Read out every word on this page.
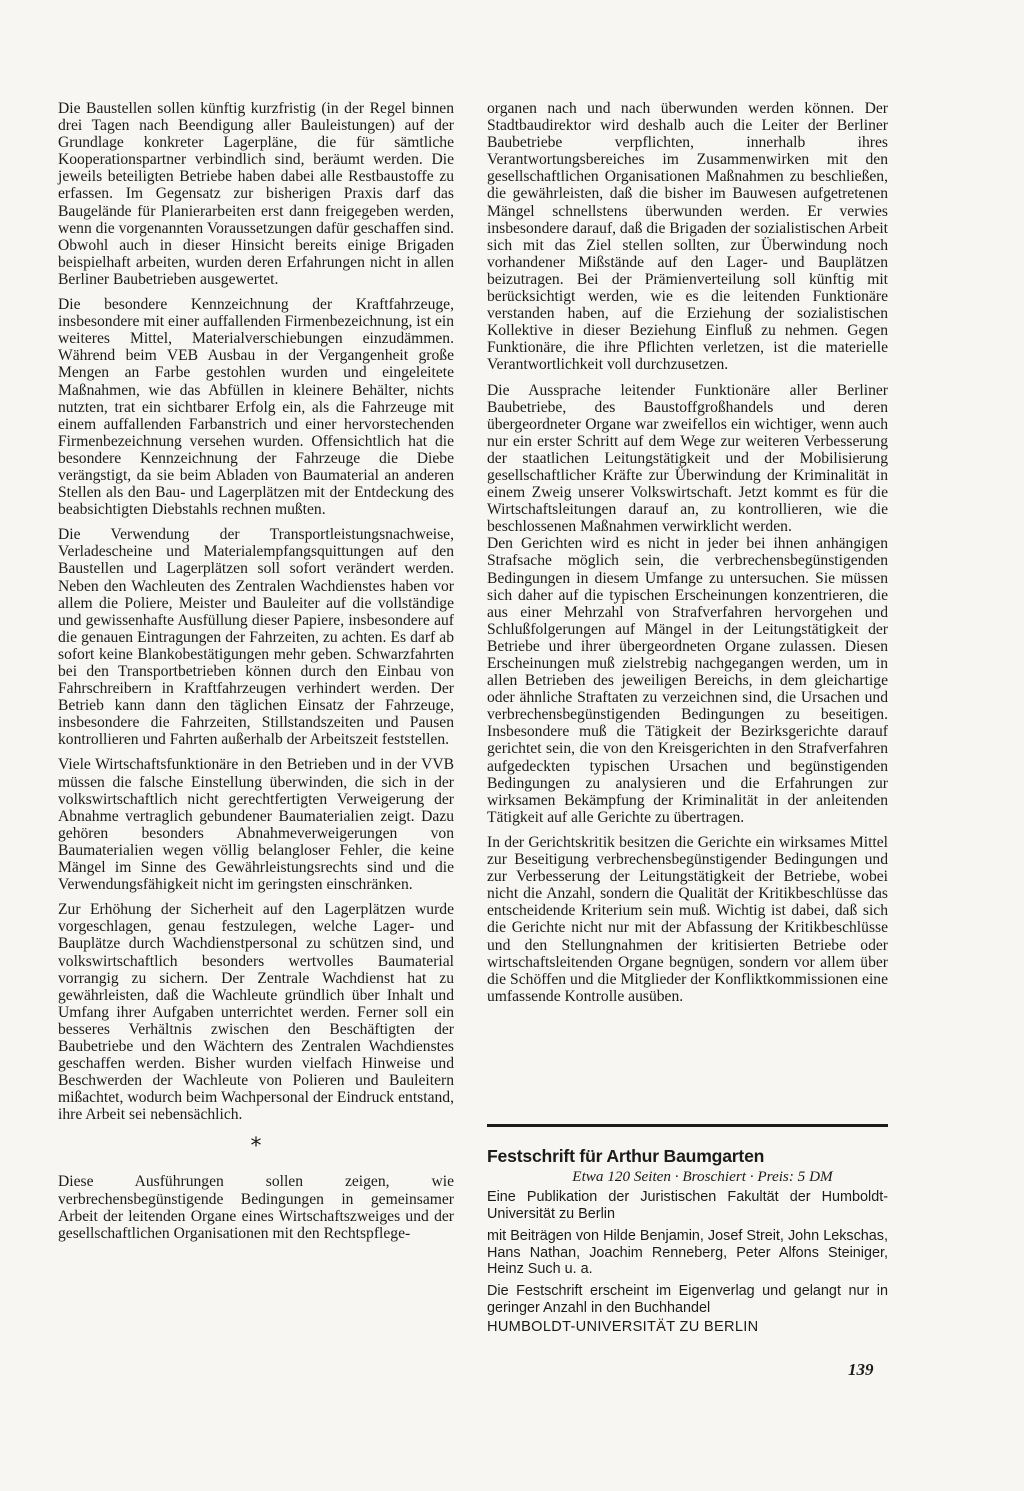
Die Baustellen sollen künftig kurzfristig (in der Regel binnen drei Tagen nach Beendigung aller Bauleistungen) auf der Grundlage konkreter Lagerpläne, die für sämtliche Kooperationspartner verbindlich sind, beräumt werden. Die jeweils beteiligten Betriebe haben dabei alle Restbaustoffe zu erfassen. Im Gegensatz zur bisherigen Praxis darf das Baugelände für Planierarbeiten erst dann freigegeben werden, wenn die vorgenannten Voraussetzungen dafür geschaffen sind. Obwohl auch in dieser Hinsicht bereits einige Brigaden beispielhaft arbeiten, wurden deren Erfahrungen nicht in allen Berliner Baubetrieben ausgewertet.

Die besondere Kennzeichnung der Kraftfahrzeuge, insbesondere mit einer auffallenden Firmenbezeichnung, ist ein weiteres Mittel, Materialverschiebungen einzudämmen. Während beim VEB Ausbau in der Vergangenheit große Mengen an Farbe gestohlen wurden und eingeleitete Maßnahmen, wie das Abfüllen in kleinere Behälter, nichts nutzten, trat ein sichtbarer Erfolg ein, als die Fahrzeuge mit einem auffallenden Farbanstrich und einer hervorstechenden Firmenbezeichnung versehen wurden. Offensichtlich hat die besondere Kennzeichnung der Fahrzeuge die Diebe verängstigt, da sie beim Abladen von Baumaterial an anderen Stellen als den Bau- und Lagerplätzen mit der Entdeckung des beabsichtigten Diebstahls rechnen mußten.

Die Verwendung der Transportleistungsnachweise, Verladescheine und Materialempfangsquittungen auf den Baustellen und Lagerplätzen soll sofort verändert werden. Neben den Wachleuten des Zentralen Wachdienstes haben vor allem die Poliere, Meister und Bauleiter auf die vollständige und gewissenhafte Ausfüllung dieser Papiere, insbesondere auf die genauen Eintragungen der Fahrzeiten, zu achten. Es darf ab sofort keine Blankobestätigungen mehr geben. Schwarzfahrten bei den Transportbetrieben können durch den Einbau von Fahrschreibern in Kraftfahrzeugen verhindert werden. Der Betrieb kann dann den täglichen Einsatz der Fahrzeuge, insbesondere die Fahrzeiten, Stillstandszeiten und Pausen kontrollieren und Fahrten außerhalb der Arbeitszeit feststellen.

Viele Wirtschaftsfunktionäre in den Betrieben und in der VVB müssen die falsche Einstellung überwinden, die sich in der volkswirtschaftlich nicht gerechtfertigten Verweigerung der Abnahme vertraglich gebundener Baumaterialien zeigt. Dazu gehören besonders Abnahmeverweigerungen von Baumaterialien wegen völlig belangloser Fehler, die keine Mängel im Sinne des Gewährleistungsrechts sind und die Verwendungsfähigkeit nicht im geringsten einschränken.

Zur Erhöhung der Sicherheit auf den Lagerplätzen wurde vorgeschlagen, genau festzulegen, welche Lager- und Bauplätze durch Wachdienstpersonal zu schützen sind, und volkswirtschaftlich besonders wertvolles Baumaterial vorrangig zu sichern. Der Zentrale Wachdienst hat zu gewährleisten, daß die Wachleute gründlich über Inhalt und Umfang ihrer Aufgaben unterrichtet werden. Ferner soll ein besseres Verhältnis zwischen den Beschäftigten der Baubetriebe und den Wächtern des Zentralen Wachdienstes geschaffen werden. Bisher wurden vielfach Hinweise und Beschwerden der Wachleute von Polieren und Bauleitern mißachtet, wodurch beim Wachpersonal der Eindruck entstand, ihre Arbeit sei nebensächlich.

*

Diese Ausführungen sollen zeigen, wie verbrechensbegünstigende Bedingungen in gemeinsamer Arbeit der leitenden Organe eines Wirtschaftszweiges und der gesellschaftlichen Organisationen mit den Rechtspflege-

organen nach und nach überwunden werden können. Der Stadtbaudirektor wird deshalb auch die Leiter der Berliner Baubetriebe verpflichten, innerhalb ihres Verantwortungsbereiches im Zusammenwirken mit den gesellschaftlichen Organisationen Maßnahmen zu beschließen, die gewährleisten, daß die bisher im Bauwesen aufgetretenen Mängel schnellstens überwunden werden. Er verwies insbesondere darauf, daß die Brigaden der sozialistischen Arbeit sich mit das Ziel stellen sollten, zur Überwindung noch vorhandener Mißstände auf den Lager- und Bauplätzen beizutragen. Bei der Prämienverteilung soll künftig mit berücksichtigt werden, wie es die leitenden Funktionäre verstanden haben, auf die Erziehung der sozialistischen Kollektive in dieser Beziehung Einfluß zu nehmen. Gegen Funktionäre, die ihre Pflichten verletzen, ist die materielle Verantwortlichkeit voll durchzusetzen.

Die Aussprache leitender Funktionäre aller Berliner Baubetriebe, des Baustoffgroßhandels und deren übergeordneter Organe war zweifellos ein wichtiger, wenn auch nur ein erster Schritt auf dem Wege zur weiteren Verbesserung der staatlichen Leitungstätigkeit und der Mobilisierung gesellschaftlicher Kräfte zur Überwindung der Kriminalität in einem Zweig unserer Volkswirtschaft. Jetzt kommt es für die Wirtschaftsleitungen darauf an, zu kontrollieren, wie die beschlossenen Maßnahmen verwirklicht werden.

Den Gerichten wird es nicht in jeder bei ihnen anhängigen Strafsache möglich sein, die verbrechensbegünstigenden Bedingungen in diesem Umfange zu untersuchen. Sie müssen sich daher auf die typischen Erscheinungen konzentrieren, die aus einer Mehrzahl von Strafverfahren hervorgehen und Schlußfolgerungen auf Mängel in der Leitungstätigkeit der Betriebe und ihrer übergeordneten Organe zulassen. Diesen Erscheinungen muß zielstrebig nachgegangen werden, um in allen Betrieben des jeweiligen Bereichs, in dem gleichartige oder ähnliche Straftaten zu verzeichnen sind, die Ursachen und verbrechensbegünstigenden Bedingungen zu beseitigen. Insbesondere muß die Tätigkeit der Bezirksgerichte darauf gerichtet sein, die von den Kreisgerichten in den Strafverfahren aufgedeckten typischen Ursachen und begünstigenden Bedingungen zu analysieren und die Erfahrungen zur wirksamen Bekämpfung der Kriminalität in der anleitenden Tätigkeit auf alle Gerichte zu übertragen.

In der Gerichtskritik besitzen die Gerichte ein wirksames Mittel zur Beseitigung verbrechensbegünstigender Bedingungen und zur Verbesserung der Leitungstätigkeit der Betriebe, wobei nicht die Anzahl, sondern die Qualität der Kritikbeschlüsse das entscheidende Kriterium sein muß. Wichtig ist dabei, daß sich die Gerichte nicht nur mit der Abfassung der Kritikbeschlüsse und den Stellungnahmen der kritisierten Betriebe oder wirtschaftsleitenden Organe begnügen, sondern vor allem über die Schöffen und die Mitglieder der Konfliktkommissionen eine umfassende Kontrolle ausüben.

Festschrift für Arthur Baumgarten
Etwa 120 Seiten · Broschiert · Preis: 5 DM

Eine Publikation der Juristischen Fakultät der Humboldt-Universität zu Berlin

mit Beiträgen von Hilde Benjamin, Josef Streit, John Lekschas, Hans Nathan, Joachim Renneberg, Peter Alfons Steiniger, Heinz Such u. a.

Die Festschrift erscheint im Eigenverlag und gelangt nur in geringer Anzahl in den Buchhandel

HUMBOLDT-UNIVERSITÄT ZU BERLIN
139
